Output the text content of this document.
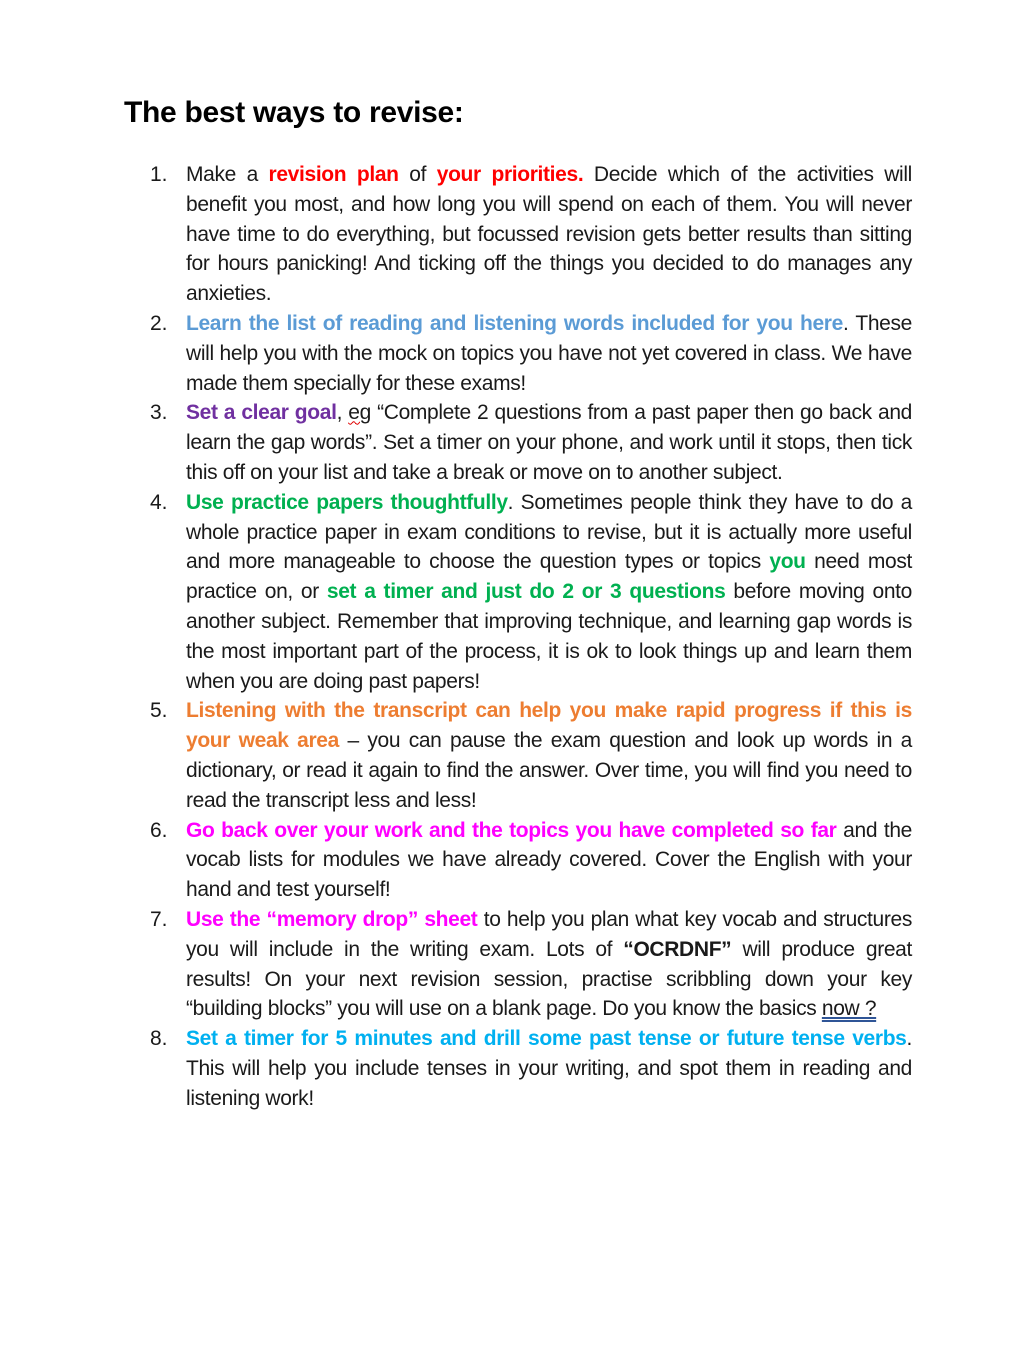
The best ways to revise:
1. Make a revision plan of your priorities. Decide which of the activities will benefit you most, and how long you will spend on each of them. You will never have time to do everything, but focussed revision gets better results than sitting for hours panicking! And ticking off the things you decided to do manages any anxieties.
2. Learn the list of reading and listening words included for you here. These will help you with the mock on topics you have not yet covered in class. We have made them specially for these exams!
3. Set a clear goal, eg “Complete 2 questions from a past paper then go back and learn the gap words”. Set a timer on your phone, and work until it stops, then tick this off on your list and take a break or move on to another subject.
4. Use practice papers thoughtfully. Sometimes people think they have to do a whole practice paper in exam conditions to revise, but it is actually more useful and more manageable to choose the question types or topics you need most practice on, or set a timer and just do 2 or 3 questions before moving onto another subject. Remember that improving technique, and learning gap words is the most important part of the process, it is ok to look things up and learn them when you are doing past papers!
5. Listening with the transcript can help you make rapid progress if this is your weak area – you can pause the exam question and look up words in a dictionary, or read it again to find the answer. Over time, you will find you need to read the transcript less and less!
6. Go back over your work and the topics you have completed so far and the vocab lists for modules we have already covered. Cover the English with your hand and test yourself!
7. Use the “memory drop” sheet to help you plan what key vocab and structures you will include in the writing exam. Lots of “OCRDNF” will produce great results! On your next revision session, practise scribbling down your key “building blocks” you will use on a blank page. Do you know the basics now ?
8. Set a timer for 5 minutes and drill some past tense or future tense verbs. This will help you include tenses in your writing, and spot them in reading and listening work!
